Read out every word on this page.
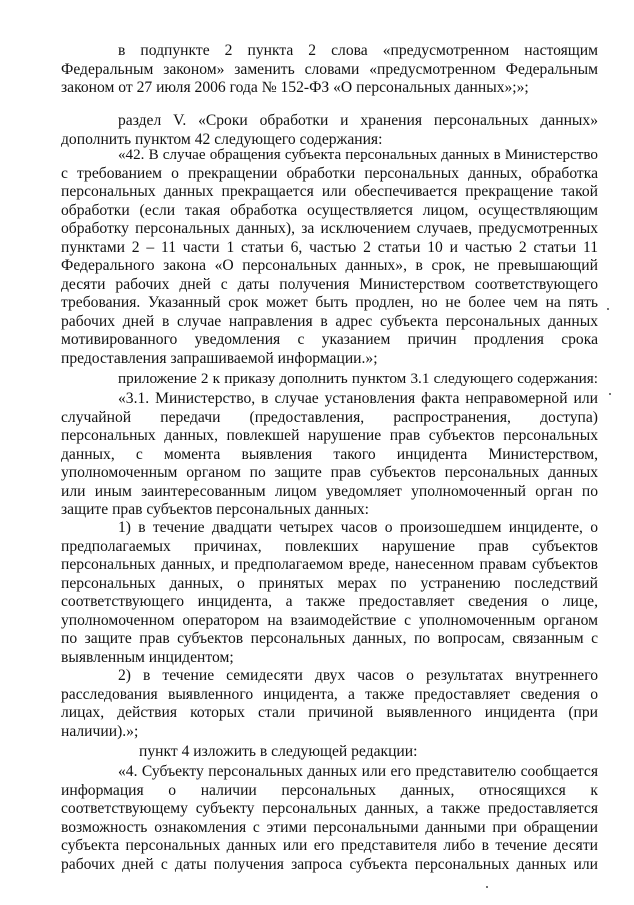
в подпункте 2 пункта 2 слова «предусмотренном настоящим
Федеральным законом» заменить словами «предусмотренном Федеральным
законом от 27 июля 2006 года № 152-ФЗ «О персональных данных»;»;
раздел V. «Сроки обработки и хранения персональных данных»
дополнить пунктом 42 следующего содержания:
«42. В случае обращения субъекта персональных данных в Министерство
с требованием о прекращении обработки персональных данных, обработка
персональных данных прекращается или обеспечивается прекращение такой
обработки (если такая обработка осуществляется лицом, осуществляющим
обработку персональных данных), за исключением случаев, предусмотренных
пунктами 2 – 11 части 1 статьи 6, частью 2 статьи 10 и частью 2 статьи 11
Федерального закона «О персональных данных», в срок, не превышающий
десяти рабочих дней с даты получения Министерством соответствующего
требования. Указанный срок может быть продлен, но не более чем на пять
рабочих дней в случае направления в адрес субъекта персональных данных
мотивированного уведомления с указанием причин продления срока
предоставления запрашиваемой информации.»;
приложение 2 к приказу дополнить пунктом 3.1 следующего содержания:
«3.1. Министерство, в случае установления факта неправомерной или
случайной передачи (предоставления, распространения, доступа)
персональных данных, повлекшей нарушение прав субъектов персональных
данных, с момента выявления такого инцидента Министерством,
уполномоченным органом по защите прав субъектов персональных данных
или иным заинтересованным лицом уведомляет уполномоченный орган по
защите прав субъектов персональных данных:
1) в течение двадцати четырех часов о произошедшем инциденте, о
предполагаемых причинах, повлекших нарушение прав субъектов
персональных данных, и предполагаемом вреде, нанесенном правам субъектов
персональных данных, о принятых мерах по устранению последствий
соответствующего инцидента, а также предоставляет сведения о лице,
уполномоченном оператором на взаимодействие с уполномоченным органом
по защите прав субъектов персональных данных, по вопросам, связанным с
выявленным инцидентом;
2) в течение семидесяти двух часов о результатах внутреннего
расследования выявленного инцидента, а также предоставляет сведения о
лицах, действия которых стали причиной выявленного инцидента (при
наличии).»;
пункт 4 изложить в следующей редакции:
«4. Субъекту персональных данных или его представителю сообщается
информация о наличии персональных данных, относящихся к
соответствующему субъекту персональных данных, а также предоставляется
возможность ознакомления с этими персональными данными при обращении
субъекта персональных данных или его представителя либо в течение десяти
рабочих дней с даты получения запроса субъекта персональных данных или
